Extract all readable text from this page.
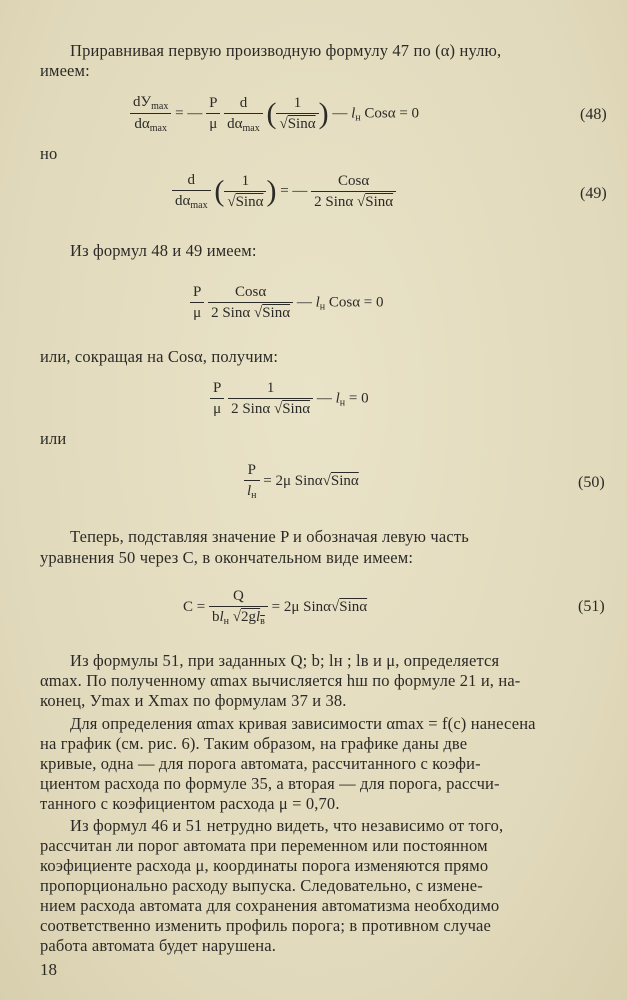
Приравнивая первую производную формулу 47 по (α) нулю,
имеем:
$\frac{dУ_{max}}{d\alpha_{max}}$ = — $\frac{P}{\mu}$
$\frac{d}{d\alpha_{max}}$ ( $\frac{1}{\text{√Sinα}}$ ) — $l_н$ Cosα = 0	(48)
но
$\frac{d}{d\alpha_{max}}$ ( $\frac{1}{\text{√Sinα}}$ ) = — $\frac{\text{Cosα}}{\text{2 Sinα √Sinα}}$	(49)
Из формул 48 и 49 имеем:
$\frac{P}{\mu}$
$\frac{\text{Cosα}}{\text{2 Sinα √Sinα}}$ — $l_н$ Cosα = 0
или, сокращая на Cosα, получим:
$\frac{P}{\mu}$
$\frac{1}{\text{2 Sinα √Sinα}}$ — $l_н = 0$
или
$\frac{P}{l_н} = 2\mu$ Sinα√Sinα	(50)
Теперь, подставляя значение P и обозначая левую часть
уравнения 50 через C, в окончательном виде имеем:
$C = \frac{Q}{bl_н √2gl_в} = 2\mu$ Sinα√Sinα	(51)
Из формулы 51, при заданных Q; b; lн ; lв и μ, определяется
αmax. По полученному αmax вычисляется hш по формуле 21 и, на-
конец, Уmax и Хmax по формулам 37 и 38.
Для определения αmax кривая зависимости αmax = f(c) нанесена
на график (см. рис. 6). Таким образом, на графике даны две
кривые, одна — для порога автомата, рассчитанного с коэфи-
циентом расхода по формуле 35, а вторая — для порога, рассчи-
танного с коэфициентом расхода μ = 0,70.
Из формул 46 и 51 нетрудно видеть, что независимо от того,
рассчитан ли порог автомата при переменном или постоянном
коэфициенте расхода μ, координаты порога изменяются прямо
пропорционально расходу выпуска. Следовательно, с измене-
нием расхода автомата для сохранения автоматизма необходимо
соответственно изменить профиль порога; в противном случае
работа автомата будет нарушена.
18
